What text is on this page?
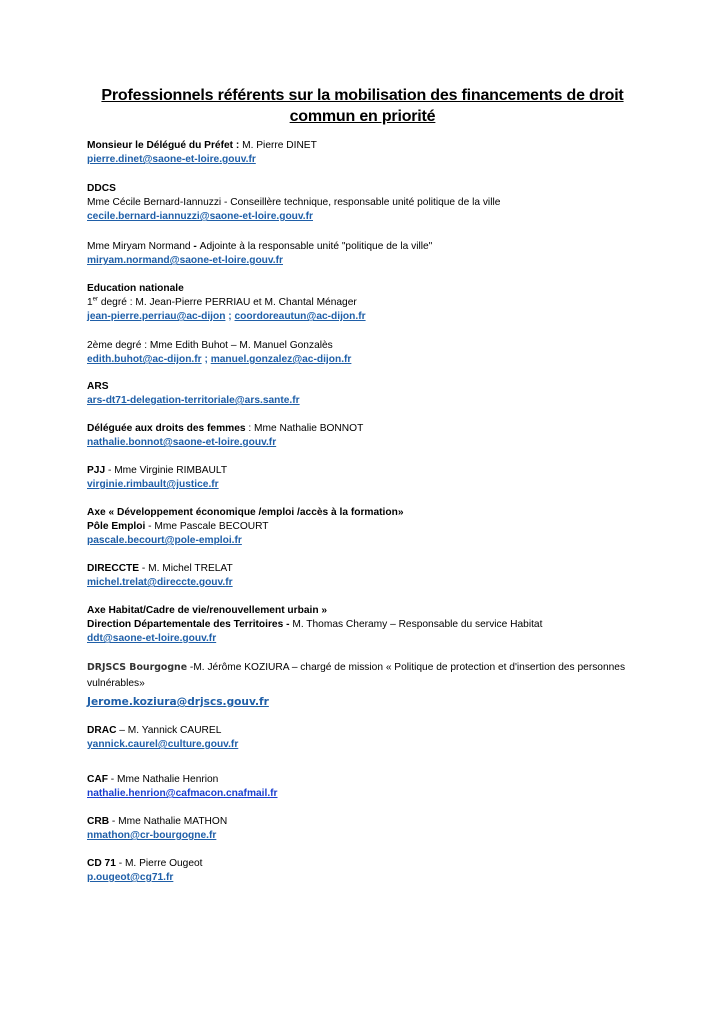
Professionnels référents sur la mobilisation des financements de droit commun en priorité
Monsieur le Délégué du Préfet : M. Pierre DINET
pierre.dinet@saone-et-loire.gouv.fr
DDCS
Mme Cécile Bernard-Iannuzzi - Conseillère technique, responsable unité politique de la ville
cecile.bernard-iannuzzi@saone-et-loire.gouv.fr
Mme Miryam Normand - Adjointe à la responsable unité "politique de la ville"
miryam.normand@saone-et-loire.gouv.fr
Education nationale
1er degré : M. Jean-Pierre PERRIAU et M. Chantal Ménager
jean-pierre.perriau@ac-dijon ; coordoreautun@ac-dijon.fr
2ème degré : Mme Edith Buhot – M. Manuel Gonzalès
edith.buhot@ac-dijon.fr ; manuel.gonzalez@ac-dijon.fr
ARS
ars-dt71-delegation-territoriale@ars.sante.fr
Déléguée aux droits des femmes : Mme Nathalie BONNOT
nathalie.bonnot@saone-et-loire.gouv.fr
PJJ - Mme Virginie RIMBAULT
virginie.rimbault@justice.fr
Axe « Développement économique /emploi /accès à la formation»
Pôle Emploi - Mme Pascale BECOURT
pascale.becourt@pole-emploi.fr
DIRECCTE - M. Michel TRELAT
michel.trelat@direccte.gouv.fr
Axe Habitat/Cadre de vie/renouvellement urbain »
Direction Départementale des Territoires - M. Thomas Cheramy – Responsable du service Habitat
ddt@saone-et-loire.gouv.fr
DRJSCS Bourgogne -M. Jérôme KOZIURA – chargé de mission « Politique de protection et d'insertion des personnes
vulnérables»
Jerome.koziura@drjscs.gouv.fr
DRAC – M. Yannick CAUREL
yannick.caurel@culture.gouv.fr
CAF - Mme Nathalie Henrion
nathalie.henrion@cafmacon.cnafmail.fr
CRB - Mme Nathalie MATHON
nmathon@cr-bourgogne.fr
CD 71 - M. Pierre Ougeot
p.ougeot@cg71.fr
